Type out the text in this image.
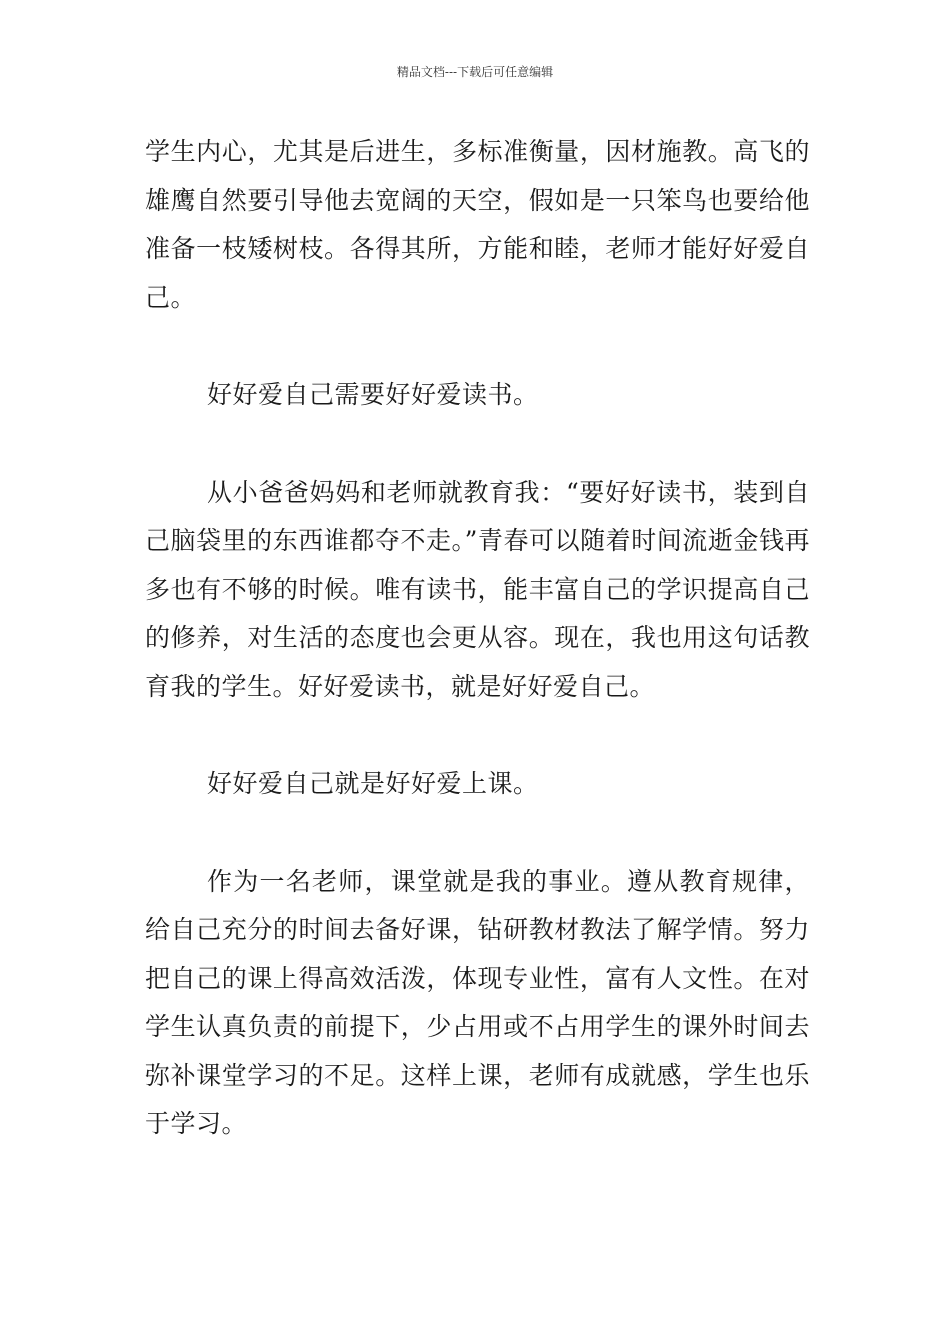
精品文档---下载后可任意编辑

学生内心，尤其是后进生，多标准衡量，因材施教。高飞的雄鹰自然要引导他去宽阔的天空，假如是一只笨鸟也要给他准备一枝矮树枝。各得其所，方能和睦，老师才能好好爱自己。

好好爱自己需要好好爱读书。

从小爸爸妈妈和老师就教育我：“要好好读书，装到自己脑袋里的东西谁都夺不走。”青春可以随着时间流逝金钱再多也有不够的时候。唯有读书，能丰富自己的学识提高自己的修养，对生活的态度也会更从容。现在，我也用这句话教育我的学生。好好爱读书，就是好好爱自己。

好好爱自己就是好好爱上课。

作为一名老师，课堂就是我的事业。遵从教育规律，给自己充分的时间去备好课，钻研教材教法了解学情。努力把自己的课上得高效活泼，体现专业性，富有人文性。在对学生认真负责的前提下，少占用或不占用学生的课外时间去弥补课堂学习的不足。这样上课，老师有成就感，学生也乐于学习。
